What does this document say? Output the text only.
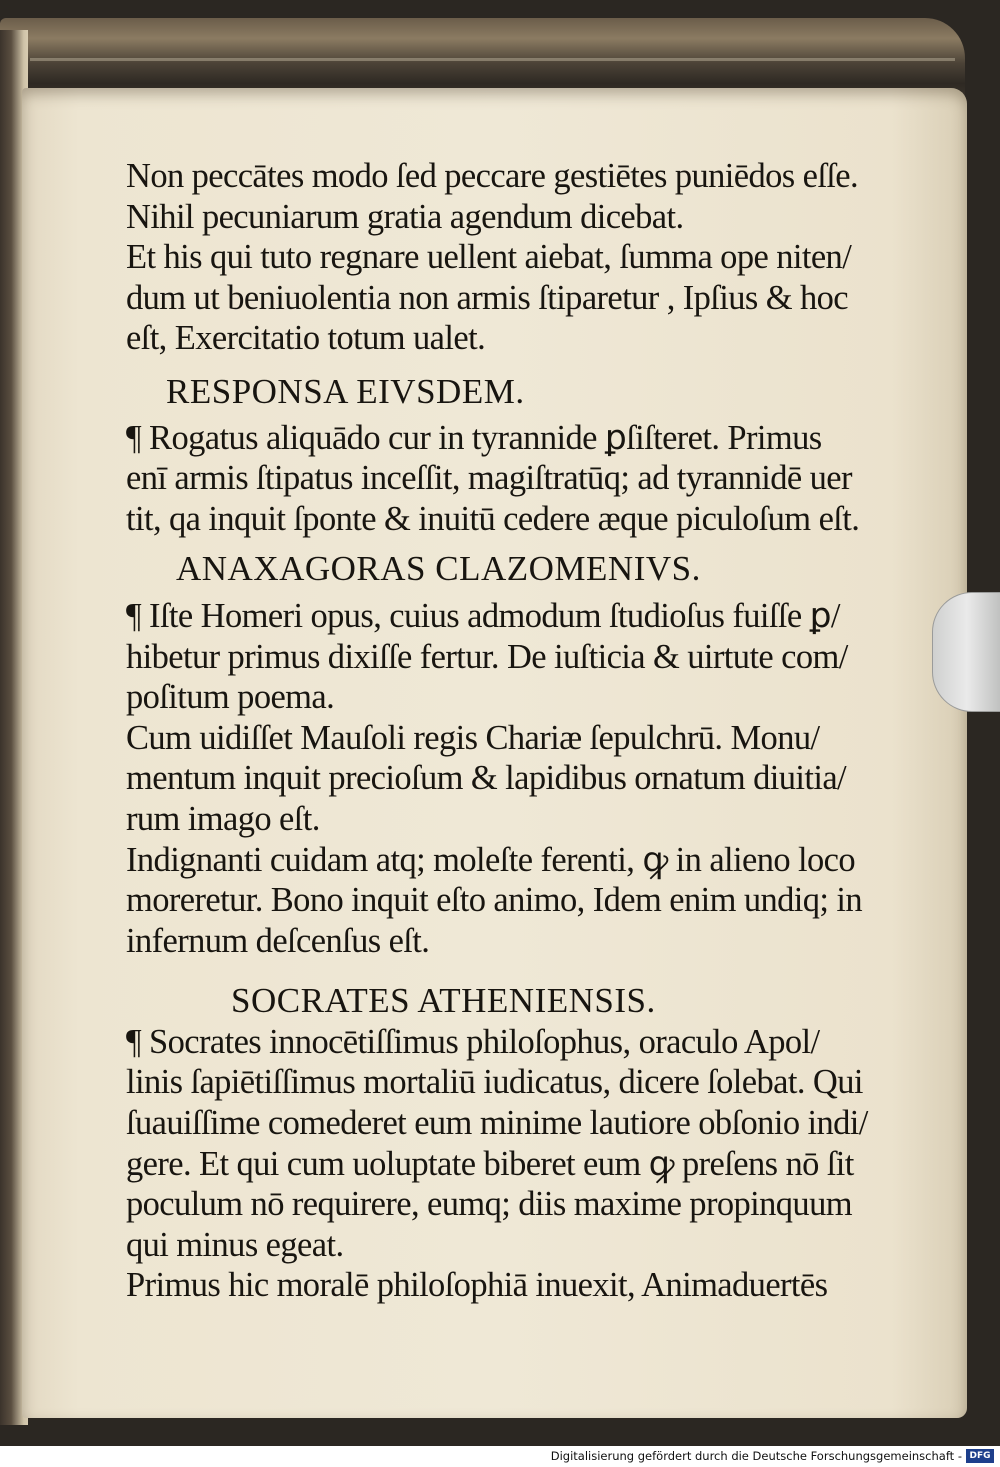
Non peccātes modo ſed peccare gestiētes puniēdos eſſe.
Nihil pecuniarum gratia agendum dicebat.
Et his qui tuto regnare uellent aiebat, ſumma ope niten/
dum ut beniuolentia non armis ſtiparetur , Ipſius & hoc
eſt, Exercitatio totum ualet.
RESPONSA EIVSDEM.
¶ Rogatus aliquādo cur in tyrannide ꝑſiſteret. Primus
enī armis ſtipatus inceſſit, magiſtratūq; ad tyrannidē uer
tit, qa inquit ſponte & inuitū cedere æque piculoſum eſt.
ANAXAGORAS CLAZOMENIVS.
¶ Iſte Homeri opus, cuius admodum ſtudioſus fuiſſe ꝑ/
hibetur primus dixiſſe fertur. De iuſticia & uirtute com/
poſitum poema.
Cum uidiſſet Mauſoli regis Chariæ ſepulchrū. Monu/
mentum inquit precioſum & lapidibus ornatum diuitia/
rum imago eſt.
Indignanti cuidam atq; moleſte ferenti, ꝙ in alieno loco
moreretur. Bono inquit eſto animo, Idem enim undiq; in
infernum deſcenſus eſt.
SOCRATES ATHENIENSIS.
¶ Socrates innocētiſſimus philoſophus, oraculo Apol/
linis ſapiētiſſimus mortaliū iudicatus, dicere ſolebat. Qui
ſuauiſſime comederet eum minime lautiore obſonio indi/
gere. Et qui cum uoluptate biberet eum ꝙ preſens nō ſit
poculum nō requirere, eumq; diis maxime propinquum
qui minus egeat.
Primus hic moralē philoſophiā inuexit, Animaduertēs
Digitalisierung gefördert durch die Deutsche Forschungsgemeinschaft - DFG
